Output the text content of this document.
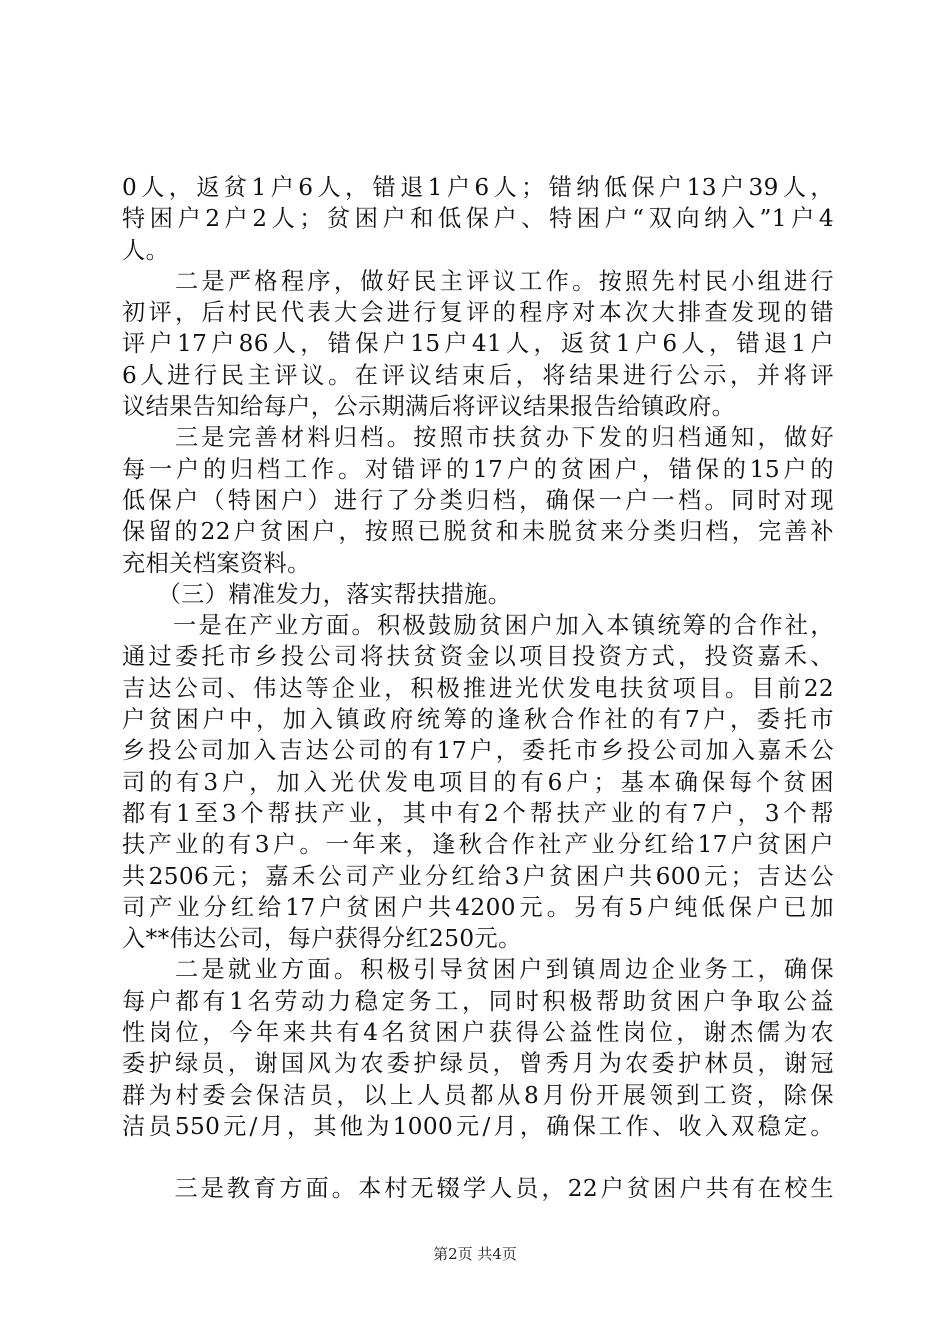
0人，返贫1户6人，错退1户6人；错纳低保户13户39人，
特困户2户2人；贫困户和低保户、特困户“双向纳入”1户4
人。
　　二是严格程序，做好民主评议工作。按照先村民小组进行
初评，后村民代表大会进行复评的程序对本次大排查发现的错
评户17户86人，错保户15户41人，返贫1户6人，错退1户
6人进行民主评议。在评议结束后，将结果进行公示，并将评
议结果告知给每户，公示期满后将评议结果报告给镇政府。
　　三是完善材料归档。按照市扶贫办下发的归档通知，做好
每一户的归档工作。对错评的17户的贫困户，错保的15户的
低保户（特困户）进行了分类归档，确保一户一档。同时对现
保留的22户贫困户，按照已脱贫和未脱贫来分类归档，完善补
充相关档案资料。
　　（三）精准发力，落实帮扶措施。
　　一是在产业方面。积极鼓励贫困户加入本镇统筹的合作社，
通过委托市乡投公司将扶贫资金以项目投资方式，投资嘉禾、
吉达公司、伟达等企业，积极推进光伏发电扶贫项目。目前22
户贫困户中，加入镇政府统筹的逢秋合作社的有7户，委托市
乡投公司加入吉达公司的有17户，委托市乡投公司加入嘉禾公
司的有3户，加入光伏发电项目的有6户；基本确保每个贫困
都有1至3个帮扶产业，其中有2个帮扶产业的有7户，3个帮
扶产业的有3户。一年来，逢秋合作社产业分红给17户贫困户
共2506元；嘉禾公司产业分红给3户贫困户共600元；吉达公
司产业分红给17户贫困户共4200元。另有5户纯低保户已加
入**伟达公司，每户获得分红250元。
　　二是就业方面。积极引导贫困户到镇周边企业务工，确保
每户都有1名劳动力稳定务工，同时积极帮助贫困户争取公益
性岗位，今年来共有4名贫困户获得公益性岗位，谢杰儒为农
委护绿员，谢国风为农委护绿员，曾秀月为农委护林员，谢冠
群为村委会保洁员，以上人员都从8月份开展领到工资，除保
洁员550元/月，其他为1000元/月，确保工作、收入双稳定。
　　三是教育方面。本村无辍学人员，22户贫困户共有在校生
第2页 共4页
